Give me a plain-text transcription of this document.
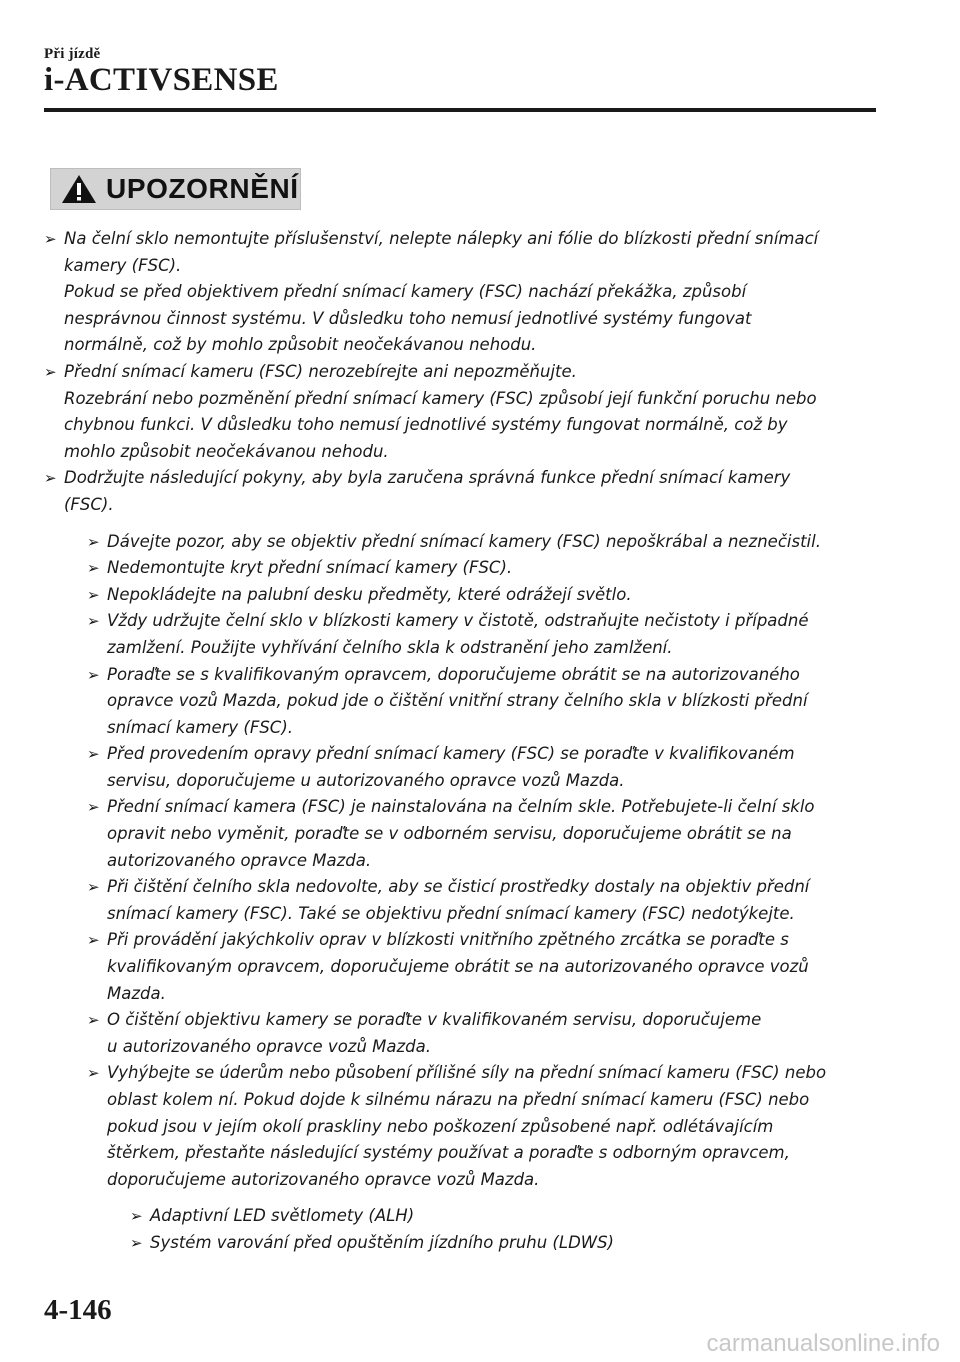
Při jízdě
i-ACTIVSENSE
UPOZORNĚNÍ
➢ Na čelní sklo nemontujte příslušenství, nelepte nálepky ani fólie do blízkosti přední snímací
kamery (FSC).
Pokud se před objektivem přední snímací kamery (FSC) nachází překážka, způsobí
nesprávnou činnost systému. V důsledku toho nemusí jednotlivé systémy fungovat
normálně, což by mohlo způsobit neočekávanou nehodu.
➢ Přední snímací kameru (FSC) nerozebírejte ani nepozměňujte.
Rozebrání nebo pozměnění přední snímací kamery (FSC) způsobí její funkční poruchu nebo
chybnou funkci. V důsledku toho nemusí jednotlivé systémy fungovat normálně, což by
mohlo způsobit neočekávanou nehodu.
➢ Dodržujte následující pokyny, aby byla zaručena správná funkce přední snímací kamery
(FSC).
➢ Dávejte pozor, aby se objektiv přední snímací kamery (FSC) nepoškrábal a neznečistil.
➢ Nedemontujte kryt přední snímací kamery (FSC).
➢ Nepokládejte na palubní desku předměty, které odrážejí světlo.
➢ Vždy udržujte čelní sklo v blízkosti kamery v čistotě, odstraňujte nečistoty i případné
zamlžení. Použijte vyhřívání čelního skla k odstranění jeho zamlžení.
➢ Poraďte se s kvalifikovaným opravcem, doporučujeme obrátit se na autorizovaného
opravce vozů Mazda, pokud jde o čištění vnitřní strany čelního skla v blízkosti přední
snímací kamery (FSC).
➢ Před provedením opravy přední snímací kamery (FSC) se poraďte v kvalifikovaném
servisu, doporučujeme u autorizovaného opravce vozů Mazda.
➢ Přední snímací kamera (FSC) je nainstalována na čelním skle. Potřebujete-li čelní sklo
opravit nebo vyměnit, poraďte se v odborném servisu, doporučujeme obrátit se na
autorizovaného opravce Mazda.
➢ Při čištění čelního skla nedovolte, aby se čisticí prostředky dostaly na objektiv přední
snímací kamery (FSC). Také se objektivu přední snímací kamery (FSC) nedotýkejte.
➢ Při provádění jakýchkoliv oprav v blízkosti vnitřního zpětného zrcátka se poraďte s
kvalifikovaným opravcem, doporučujeme obrátit se na autorizovaného opravce vozů
Mazda.
➢ O čištění objektivu kamery se poraďte v kvalifikovaném servisu, doporučujeme
u autorizovaného opravce vozů Mazda.
➢ Vyhýbejte se úderům nebo působení přílišné síly na přední snímací kameru (FSC) nebo
oblast kolem ní. Pokud dojde k silnému nárazu na přední snímací kameru (FSC) nebo
pokud jsou v jejím okolí praskliny nebo poškození způsobené např. odlétávajícím
štěrkem, přestaňte následující systémy používat a poraďte s odborným opravcem,
doporučujeme autorizovaného opravce vozů Mazda.
➢ Adaptivní LED světlomety (ALH)
➢ Systém varování před opuštěním jízdního pruhu (LDWS)
4-146
carmanualsonline.info
